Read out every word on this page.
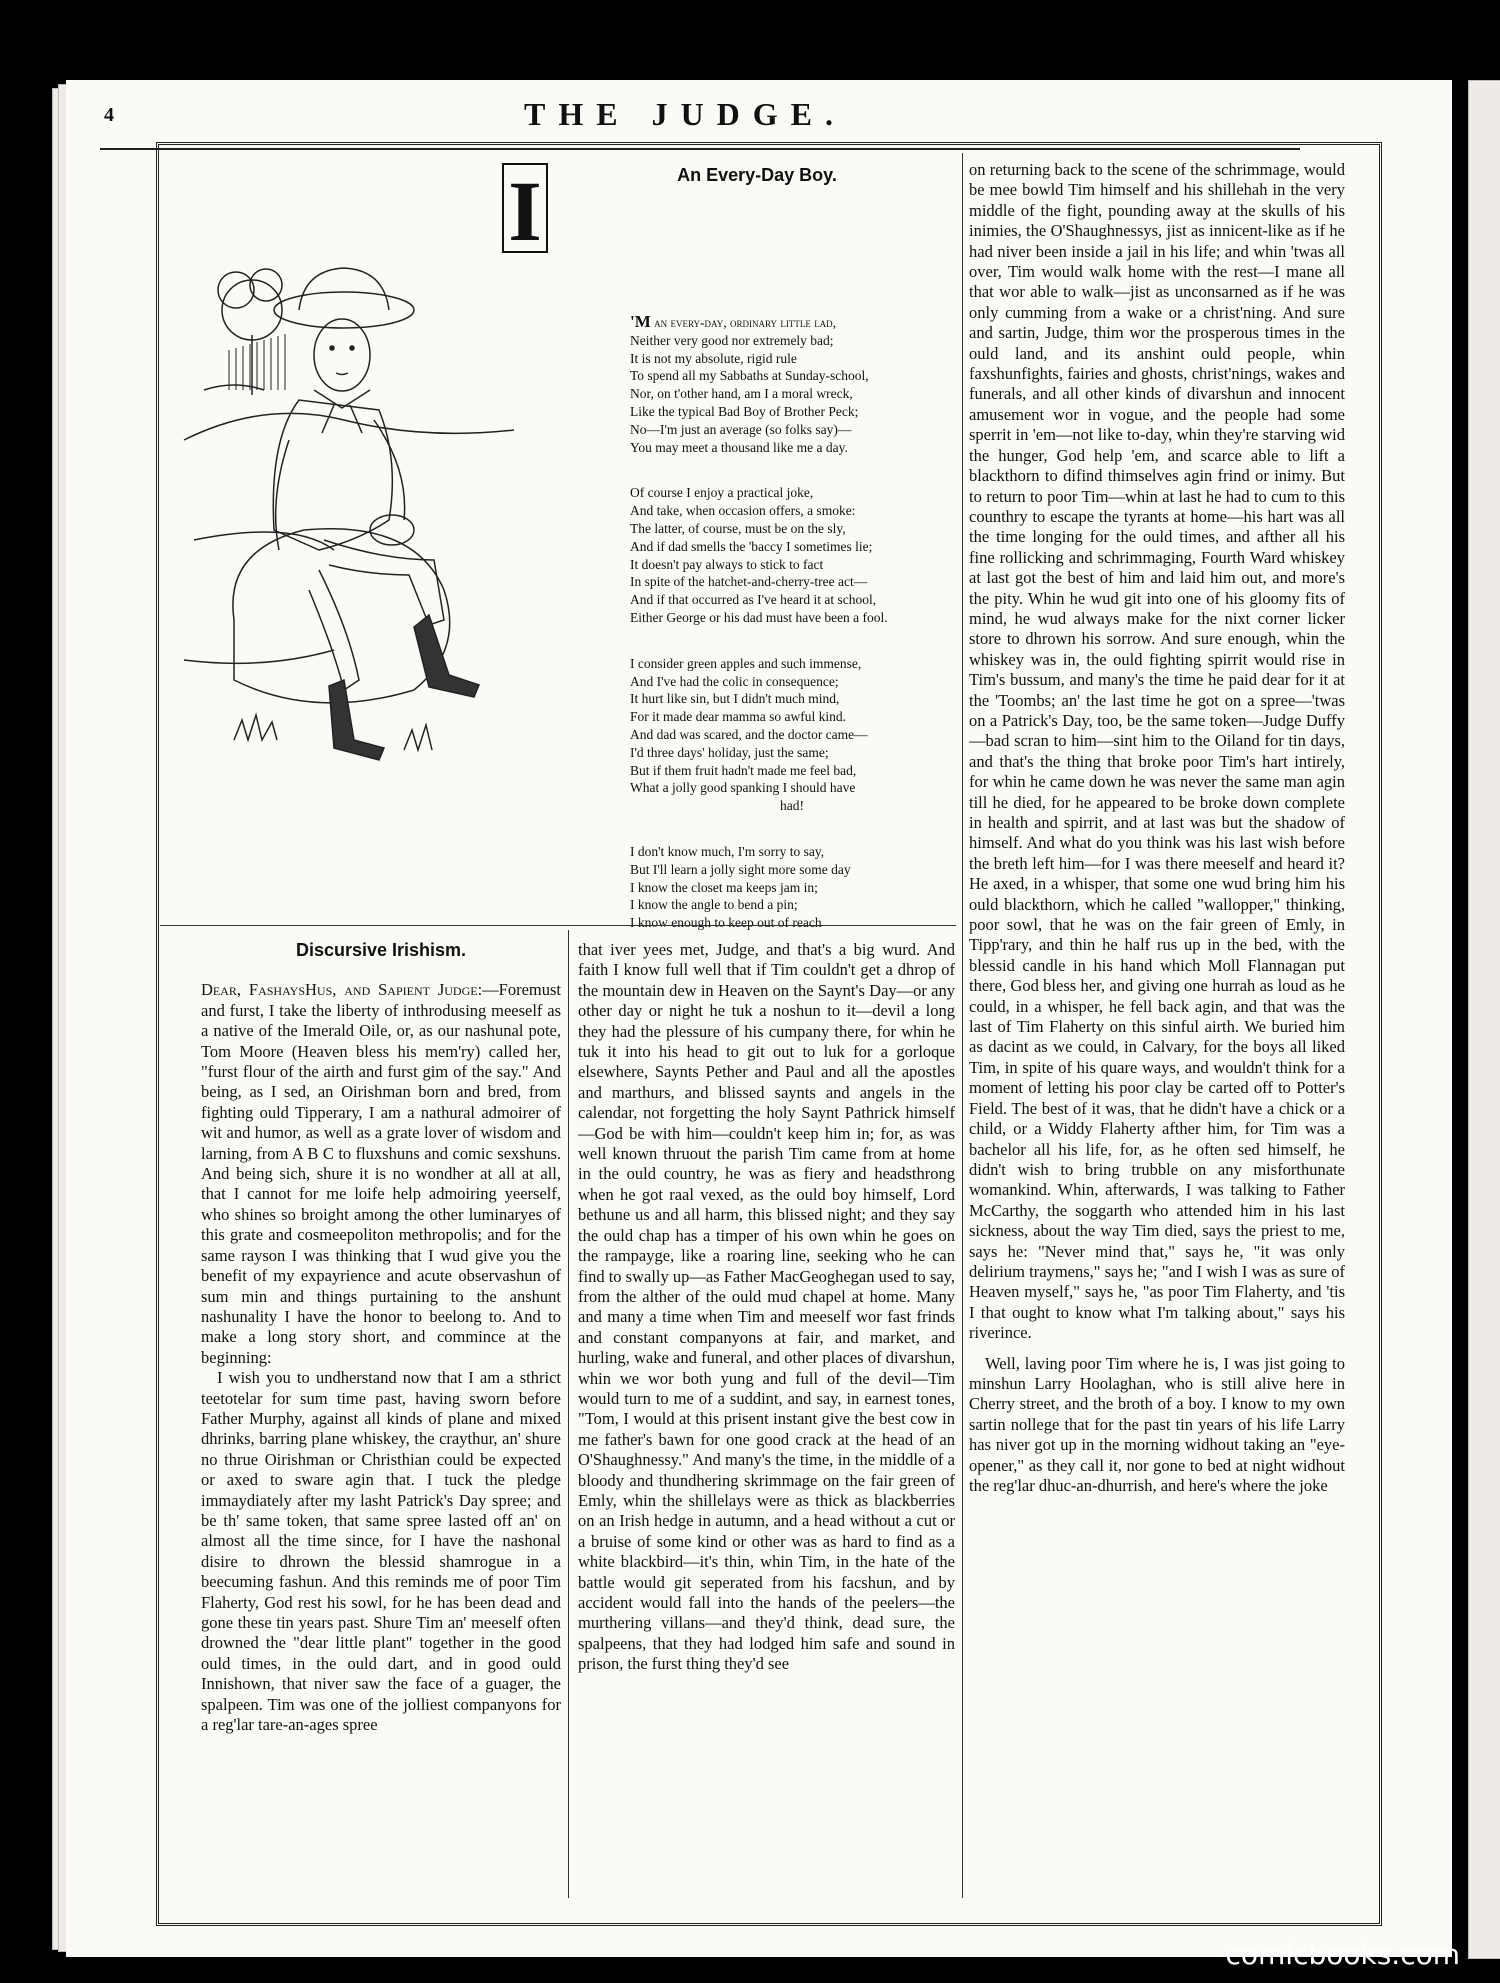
4	THE JUDGE.
I	An Every-Day Boy.
'M an every-day, ordinary little lad,
Neither very good nor extremely bad;
It is not my absolute, rigid rule
To spend all my Sabbaths at Sunday-school,
Nor, on t'other hand, am I a moral wreck,
Like the typical Bad Boy of Brother Peck;
No—I'm just an average (so folks say)—
You may meet a thousand like me a day.
Of course I enjoy a practical joke,
And take, when occasion offers, a smoke:
The latter, of course, must be on the sly,
And if dad smells the 'baccy I sometimes lie;
It doesn't pay always to stick to fact
In spite of the hatchet-and-cherry-tree act—
And if that occurred as I've heard it at school,
Either George or his dad must have been a fool.
I consider green apples and such immense,
And I've had the colic in consequence;
It hurt like sin, but I didn't much mind,
For it made dear mamma so awful kind.
And dad was scared, and the doctor came—
I'd three days' holiday, just the same;
But if them fruit hadn't made me feel bad,
What a jolly good spanking I should have
had!
I don't know much, I'm sorry to say,
But I'll learn a jolly sight more some day
I know the closet ma keeps jam in;
I know the angle to bend a pin;
I know enough to keep out of reach
Discursive Irishism.

Dear, FashaysHus, and Sapient Judge:—Foremust and furst, I take the liberty of inthrodusing meeself as a native of the Imerald Oile, or, as our nashunal pote, Tom Moore (Heaven bless his mem'ry) called her, "furst flour of the airth and furst gim of the say." And being, as I sed, an Oirishman born and bred, from fighting ould Tipperary, I am a nathural admoirer of wit and humor, as well as a grate lover of wisdom and larning, from A B C to fluxshuns and comic sexshuns. And being sich, shure it is no wondher at all at all, that I cannot for me loife help admoiring yeerself, who shines so broight among the other luminaryes of this grate and cosmeepoliton methropolis; and for the same rayson I was thinking that I wud give you the benefit of my expayrience and acute observashun of sum min and things purtaining to the anshunt nashunality I have the honor to beelong to. And to make a long story short, and commince at the beginning:

I wish you to undherstand now that I am a sthrict teetotelar for sum time past, having sworn before Father Murphy, against all kinds of plane and mixed dhrinks, barring plane whiskey, the craythur, an' shure no thrue Oirishman or Christhian could be expected or axed to sware agin that. I tuck the pledge immaydiately after my lasht Patrick's Day spree; and be th' same token, that same spree lasted off an' on almost all the time since, for I have the nashonal disire to dhrown the blessid shamrogue in a beecuming fashun. And this reminds me of poor Tim Flaherty, God rest his sowl, for he has been dead and gone these tin years past. Shure Tim an' meeself often drowned the "dear little plant" together in the good ould times, in the ould dart, and in good ould Innishown, that niver saw the face of a guager, the spalpeen. Tim was one of the jolliest companyons for a reg'lar tare-an-ages spree

that iver yees met, Judge, and that's a big wurd. And faith I know full well that if Tim couldn't get a dhrop of the mountain dew in Heaven on the Saynt's Day—or any other day or night he tuk a noshun to it—devil a long they had the plessure of his cumpany there, for whin he tuk it into his head to git out to luk for a gorloque elsewhere, Saynts Pether and Paul and all the apostles and marthurs, and blissed saynts and angels in the calendar, not forgetting the holy Saynt Pathrick himself—God be with him—couldn't keep him in; for, as was well known thruout the parish Tim came from at home in the ould country, he was as fiery and headsthrong when he got raal vexed, as the ould boy himself, Lord bethune us and all harm, this blissed night; and they say the ould chap has a timper of his own whin he goes on the rampayge, like a roaring line, seeking who he can find to swally up—as Father MacGeoghegan used to say, from the alther of the ould mud chapel at home. Many and many a time when Tim and meeself wor fast frinds and constant companyons at fair, and market, and hurling, wake and funeral, and other places of divarshun, whin we wor both yung and full of the devil—Tim would turn to me of a suddint, and say, in earnest tones, "Tom, I would at this prisent instant give the best cow in me father's bawn for one good crack at the head of an O'Shaughnessy." And many's the time, in the middle of a bloody and thundhering skrimmage on the fair green of Emly, whin the shillelays were as thick as blackberries on an Irish hedge in autumn, and a head without a cut or a bruise of some kind or other was as hard to find as a white blackbird—it's thin, whin Tim, in the hate of the battle would git seperated from his facshun, and by accident would fall into the hands of the peelers—the murthering villans—and they'd think, dead sure, the spalpeens, that they had lodged him safe and sound in prison, the furst thing they'd see

on returning back to the scene of the schrimmage, would be mee bowld Tim himself and his shillehah in the very middle of the fight, pounding away at the skulls of his inimies, the O'Shaughnessys, jist as innicent-like as if he had niver been inside a jail in his life; and whin 'twas all over, Tim would walk home with the rest—I mane all that wor able to walk—jist as unconsarned as if he was only cumming from a wake or a christ'ning. And sure and sartin, Judge, thim wor the prosperous times in the ould land, and its anshint ould people, whin faxshunfights, fairies and ghosts, christ'nings, wakes and funerals, and all other kinds of divarshun and innocent amusement wor in vogue, and the people had some sperrit in 'em—not like to-day, whin they're starving wid the hunger, God help 'em, and scarce able to lift a blackthorn to difind thimselves agin frind or inimy. But to return to poor Tim—whin at last he had to cum to this counthry to escape the tyrants at home—his hart was all the time longing for the ould times, and afther all his fine rollicking and schrimmaging, Fourth Ward whiskey at last got the best of him and laid him out, and more's the pity. Whin he wud git into one of his gloomy fits of mind, he wud always make for the nixt corner licker store to dhrown his sorrow. And sure enough, whin the whiskey was in, the ould fighting spirrit would rise in Tim's bussum, and many's the time he paid dear for it at the 'Toombs; an' the last time he got on a spree—'twas on a Patrick's Day, too, be the same token—Judge Duffy—bad scran to him—sint him to the Oiland for tin days, and that's the thing that broke poor Tim's hart intirely, for whin he came down he was never the same man agin till he died, for he appeared to be broke down complete in health and spirrit, and at last was but the shadow of himself. And what do you think was his last wish before the breth left him—for I was there meeself and heard it? He axed, in a whisper, that some one wud bring him his ould blackthorn, which he called "wallopper," thinking, poor sowl, that he was on the fair green of Emly, in Tipp'rary, and thin he half rus up in the bed, with the blessid candle in his hand which Moll Flannagan put there, God bless her, and giving one hurrah as loud as he could, in a whisper, he fell back agin, and that was the last of Tim Flaherty on this sinful airth. We buried him as dacint as we could, in Calvary, for the boys all liked Tim, in spite of his quare ways, and wouldn't think for a moment of letting his poor clay be carted off to Potter's Field. The best of it was, that he didn't have a chick or a child, or a Widdy Flaherty afther him, for Tim was a bachelor all his life, for, as he often sed himself, he didn't wish to bring trubble on any misforthunate womankind. Whin, afterwards, I was talking to Father McCarthy, the soggarth who attended him in his last sickness, about the way Tim died, says the priest to me, says he: "Never mind that," says he, "it was only delirium traymens," says he; "and I wish I was as sure of Heaven myself," says he, "as poor Tim Flaherty, and 'tis I that ought to know what I'm talking about," says his riverince.

Well, laving poor Tim where he is, I was jist going to minshun Larry Hoolaghan, who is still alive here in Cherry street, and the broth of a boy. I know to my own sartin nollege that for the past tin years of his life Larry has niver got up in the morning widhout taking an "eye-opener," as they call it, nor gone to bed at night widhout the reg'lar dhuc-an-dhurrish, and here's where the joke

comicbooks.com
